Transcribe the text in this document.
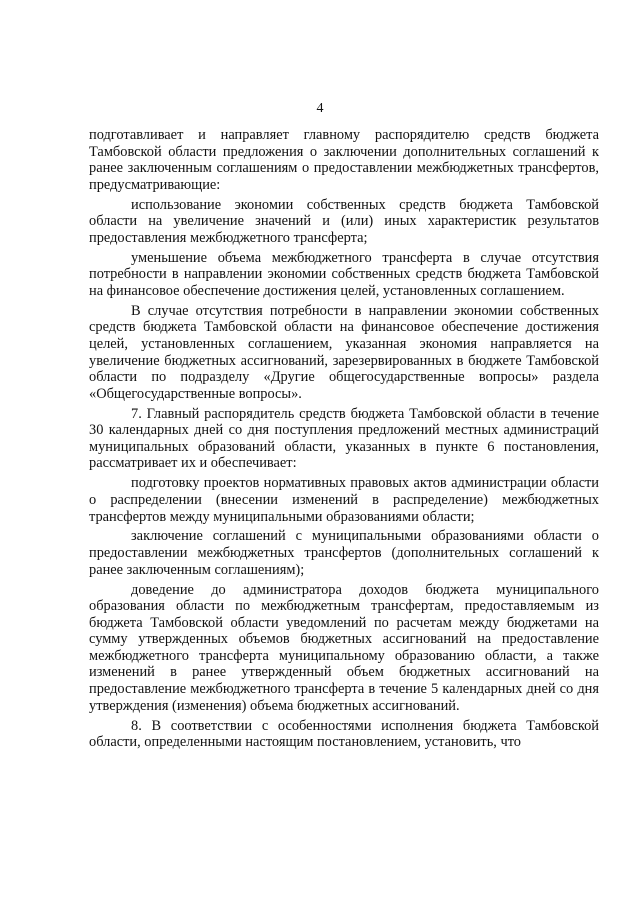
4

подготавливает и направляет главному распорядителю средств бюджета Тамбовской области предложения о заключении дополнительных соглашений к ранее заключенным соглашениям о предоставлении межбюджетных трансфертов, предусматривающие:

использование экономии собственных средств бюджета Тамбовской области на увеличение значений и (или) иных характеристик результатов предоставления межбюджетного трансферта;

уменьшение объема межбюджетного трансферта в случае отсутствия потребности в направлении экономии собственных средств бюджета Тамбовской на финансовое обеспечение достижения целей, установленных соглашением.

В случае отсутствия потребности в направлении экономии собственных средств бюджета Тамбовской области на финансовое обеспечение достижения целей, установленных соглашением, указанная экономия направляется на увеличение бюджетных ассигнований, зарезервированных в бюджете Тамбовской области по подразделу «Другие общегосударственные вопросы» раздела «Общегосударственные вопросы».

7. Главный распорядитель средств бюджета Тамбовской области в течение 30 календарных дней со дня поступления предложений местных администраций муниципальных образований области, указанных в пункте 6 постановления, рассматривает их и обеспечивает:

подготовку проектов нормативных правовых актов администрации области о распределении (внесении изменений в распределение) межбюджетных трансфертов между муниципальными образованиями области;

заключение соглашений с муниципальными образованиями области о предоставлении межбюджетных трансфертов (дополнительных соглашений к ранее заключенным соглашениям);

доведение до администратора доходов бюджета муниципального образования области по межбюджетным трансфертам, предоставляемым из бюджета Тамбовской области уведомлений по расчетам между бюджетами на сумму утвержденных объемов бюджетных ассигнований на предоставление межбюджетного трансферта муниципальному образованию области, а также изменений в ранее утвержденный объем бюджетных ассигнований на предоставление межбюджетного трансферта в течение 5 календарных дней со дня утверждения (изменения) объема бюджетных ассигнований.

8. В соответствии с особенностями исполнения бюджета Тамбовской области, определенными настоящим постановлением, установить, что
